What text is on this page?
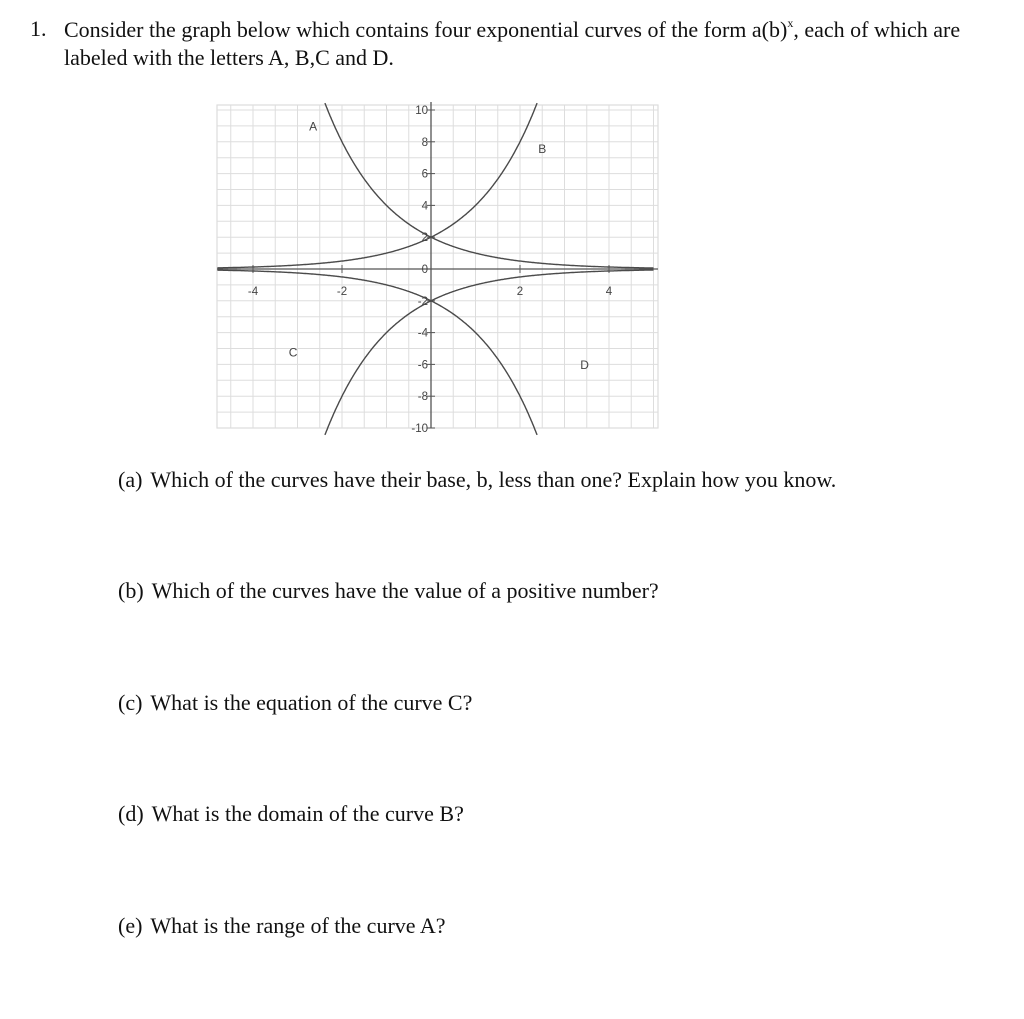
1. Consider the graph below which contains four exponential curves of the form $a(b)^x$, each of which are labeled with the letters A, B,C and D.
-4	-2	2	4
10
8
6
4
2
0
-2
-4
-6
-8
-10
A
B
C
D
(a) Which of the curves have their base, b, less than one? Explain how you know.
(b) Which of the curves have the value of a positive number?
(c) What is the equation of the curve C?
(d) What is the domain of the curve B?
(e) What is the range of the curve A?
